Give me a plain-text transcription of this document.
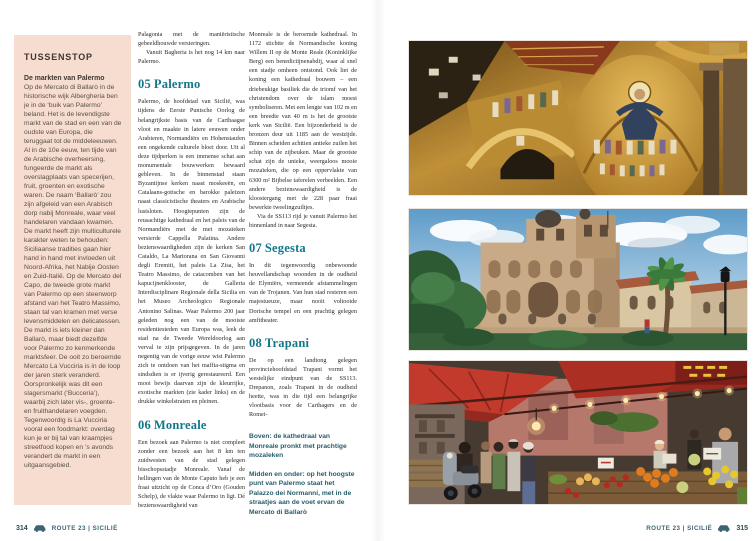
TUSSENSTOP

De markten van Palermo

Op de Mercato di Ballarò in de historische wijk Albergheria ben je in de ‘buik van Palermo’ beland. Het is de levendigste markt van de stad en een van de oudste van Europa, die teruggaat tot de middeleeuwen. Al in de 10e eeuw, ten tijde van de Arabische overheersing, fungeerde de markt als overslagplaats van specerijen, fruit, groenten en exotische waren. De naam ‘Ballarò’ zou zijn afgeleid van een Arabisch dorp nabij Monreale, waar veel handelaren vandaan kwamen. De markt heeft zijn multiculturele karakter weten te behouden: Siciliaanse tradities gaan hier hand in hand met invloeden uit Noord-Afrika, het Nabije Oosten en Zuid-Italië. Op de Mercato del Capo, de tweede grote markt van Palermo op een steenworp afstand van het Teatro Massimo, staan tal van kramen met verse levensmiddelen en delicatessen. De markt is iets kleiner dan Ballarò, maar biedt dezelfde voor Palermo zo kenmerkende marktsfeer. De ooit zo beroemde Mercato La Vucciria is in de loop der jaren sterk veranderd. Oorspronkelijk was dit een slagersmarkt (‘Bucceria’), waarbij zich later vis-, groente- en fruithandelaren voegden. Tegenwoordig is La Vucciria vooral een foodmarkt: overdag kun je er bij tal van kraampjes streetfood kopen en ’s avonds verandert de markt in een uitgaansgebied.

Palagonia met de maniëristische gebeeldhouwde versieringen.

Vanuit Bagheria is het nog 14 km naar Palermo.

05 Palermo

Palermo, de hoofdstad van Sicilië, was tijdens de Eerste Punische Oorlog de belangrijkste basis van de Carthaagse vloot en maakte in latere eeuwen onder Arabieren, Normandiërs en Hohenstaufen een ongekende culturele bloei door. Uit al deze tijdperken is een immense schat aan monumentale bouwwerken bewaard gebleven. In de binnenstad staan Byzantijnse kerken naast moskeeën, en Catalaans-gotische en barokke paleizen naast classicistische theaters en Arabische lustsloten. Hoogtepunten zijn de reusachtige kathedraal en het paleis van de Normandiërs met de met mozaïeken versierde Cappella Palatina. Andere bezienswaardigheden zijn de kerken San Cataldo, La Martorana en San Giovanni degli Eremiti, het paleis La Zisa, het Teatro Massimo, de catacomben van het kapucijnenklooster, de Galleria Interdisciplinare Regionale della Sicilia en het Museo Archeologico Regionale Antonino Salinas. Waar Palermo 200 jaar geleden nog een van de mooiste residentiesteden van Europa was, leek de stad na de Tweede Wereldoorlog aan verval te zijn prijsgegeven. In de jaren negentig van de vorige eeuw wist Palermo zich te ontdoen van het maffia-stigma en sindsdien is er ijverig gerestaureerd. Een mooi bewijs daarvan zijn de kleurrijke, exotische markten (zie kader links) en de drukke winkelstraten en pleinen.

06 Monreale

Een bezoek aan Palermo is niet compleet zonder een bezoek aan het 8 km ten zuidwesten van de stad gelegen bisschopsstadje Monreale. Vanaf de hellingen van de Monte Caputo heb je een fraai uitzicht op de Conca d’Oro (Gouden Schelp), de vlakte waar Palermo in ligt. Dé bezienswaardigheid van

Monreale is de beroemde kathedraal. In 1172 stichtte de Normandische koning Willem II op de Monte Reale (Koninklijke Berg) een benedictijnenabdij, waar al snel een stadje omheen ontstond. Ook liet de koning een kathedraal bouwen – een driebeukige basiliek die de triomf van het christendom over de islam moest symboliseren. Met een lengte van 102 m en een breedte van 40 m is het de grootste kerk van Sicilië. Een bijzonderheid is de bronzen deur uit 1185 aan de westzijde. Binnen scheiden achttien antieke zuilen het schip van de zijbeuken. Maar de grootste schat zijn de unieke, weergaloos mooie mozaïeken, die op een oppervlakte van 6300 m² Bijbelse taferelen verbeelden. Een andere bezienswaardigheid is de kloostergang met de 228 paar fraai bewerkte tweelingzuiltjes.

Via de SS113 rijd je vanuit Palermo het binnenland in naar Segesta.

07 Segesta

In dit tegenwoordig onbewoonde heuvellandschap woonden in de oudheid de Elymiërs, vermeende afstammelingen van de Trojanen. Van hun stad resteren een majestueuze, maar nooit voltooide Dorische tempel en een prachtig gelegen amfitheater.

08 Trapani

De op een landtong gelegen provinciehoofdstad Trapani vormt het westelijke eindpunt van de SS113. Drepanon, zoals Trapani in de oudheid heette, was in die tijd een belangrijke vlootbasis voor de Carthagers en de Romei-

Boven: de kathedraal van Monreale pronkt met prachtige mozaïeken

Midden en onder: op het hoogste punt van Palermo staat het Palazzo dei Normanni, met in de straatjes aan de voet ervan de Mercato di Ballarò

314	ROUTE 23 | SICILIË	ROUTE 23 | SICILIË	315
